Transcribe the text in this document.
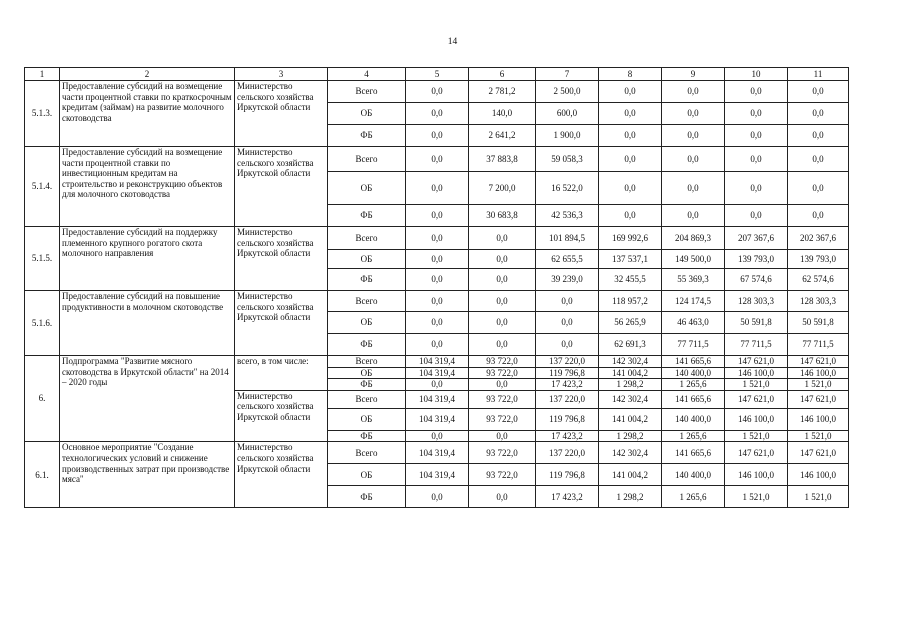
14
1	2	3	4	5	6	7	8	9	10	11
5.1.3.	Предоставление субсидий на возмещение части процентной ставки по краткосрочным кредитам (займам) на развитие молочного скотоводства	Министерство сельского хозяйства Иркутской области	Всего	0,0	2 781,2	2 500,0	0,0	0,0	0,0	0,0
			ОБ	0,0	140,0	600,0	0,0	0,0	0,0	0,0
			ФБ	0,0	2 641,2	1 900,0	0,0	0,0	0,0	0,0
5.1.4.	Предоставление субсидий на возмещение части процентной ставки по инвестиционным кредитам на строительство и реконструкцию объектов для молочного скотоводства	Министерство сельского хозяйства Иркутской области	Всего	0,0	37 883,8	59 058,3	0,0	0,0	0,0	0,0
			ОБ	0,0	7 200,0	16 522,0	0,0	0,0	0,0	0,0
			ФБ	0,0	30 683,8	42 536,3	0,0	0,0	0,0	0,0
5.1.5.	Предоставление субсидий на поддержку племенного крупного рогатого скота молочного направления	Министерство сельского хозяйства Иркутской области	Всего	0,0	0,0	101 894,5	169 992,6	204 869,3	207 367,6	202 367,6
			ОБ	0,0	0,0	62 655,5	137 537,1	149 500,0	139 793,0	139 793,0
			ФБ	0,0	0,0	39 239,0	32 455,5	55 369,3	67 574,6	62 574,6
5.1.6.	Предоставление субсидий на повышение продуктивности в молочном скотоводстве	Министерство сельского хозяйства Иркутской области	Всего	0,0	0,0	0,0	118 957,2	124 174,5	128 303,3	128 303,3
			ОБ	0,0	0,0	0,0	56 265,9	46 463,0	50 591,8	50 591,8
			ФБ	0,0	0,0	0,0	62 691,3	77 711,5	77 711,5	77 711,5
6.	Подпрограмма "Развитие мясного скотоводства в Иркутской области" на 2014 – 2020 годы	всего, в том числе:	Всего	104 319,4	93 722,0	137 220,0	142 302,4	141 665,6	147 621,0	147 621,0
			ОБ	104 319,4	93 722,0	119 796,8	141 004,2	140 400,0	146 100,0	146 100,0
			ФБ	0,0	0,0	17 423,2	1 298,2	1 265,6	1 521,0	1 521,0
		Министерство сельского хозяйства Иркутской области	Всего	104 319,4	93 722,0	137 220,0	142 302,4	141 665,6	147 621,0	147 621,0
			ОБ	104 319,4	93 722,0	119 796,8	141 004,2	140 400,0	146 100,0	146 100,0
			ФБ	0,0	0,0	17 423,2	1 298,2	1 265,6	1 521,0	1 521,0
6.1.	Основное мероприятие "Создание технологических условий и снижение производственных затрат при производстве мяса"	Министерство сельского хозяйства Иркутской области	Всего	104 319,4	93 722,0	137 220,0	142 302,4	141 665,6	147 621,0	147 621,0
			ОБ	104 319,4	93 722,0	119 796,8	141 004,2	140 400,0	146 100,0	146 100,0
			ФБ	0,0	0,0	17 423,2	1 298,2	1 265,6	1 521,0	1 521,0
